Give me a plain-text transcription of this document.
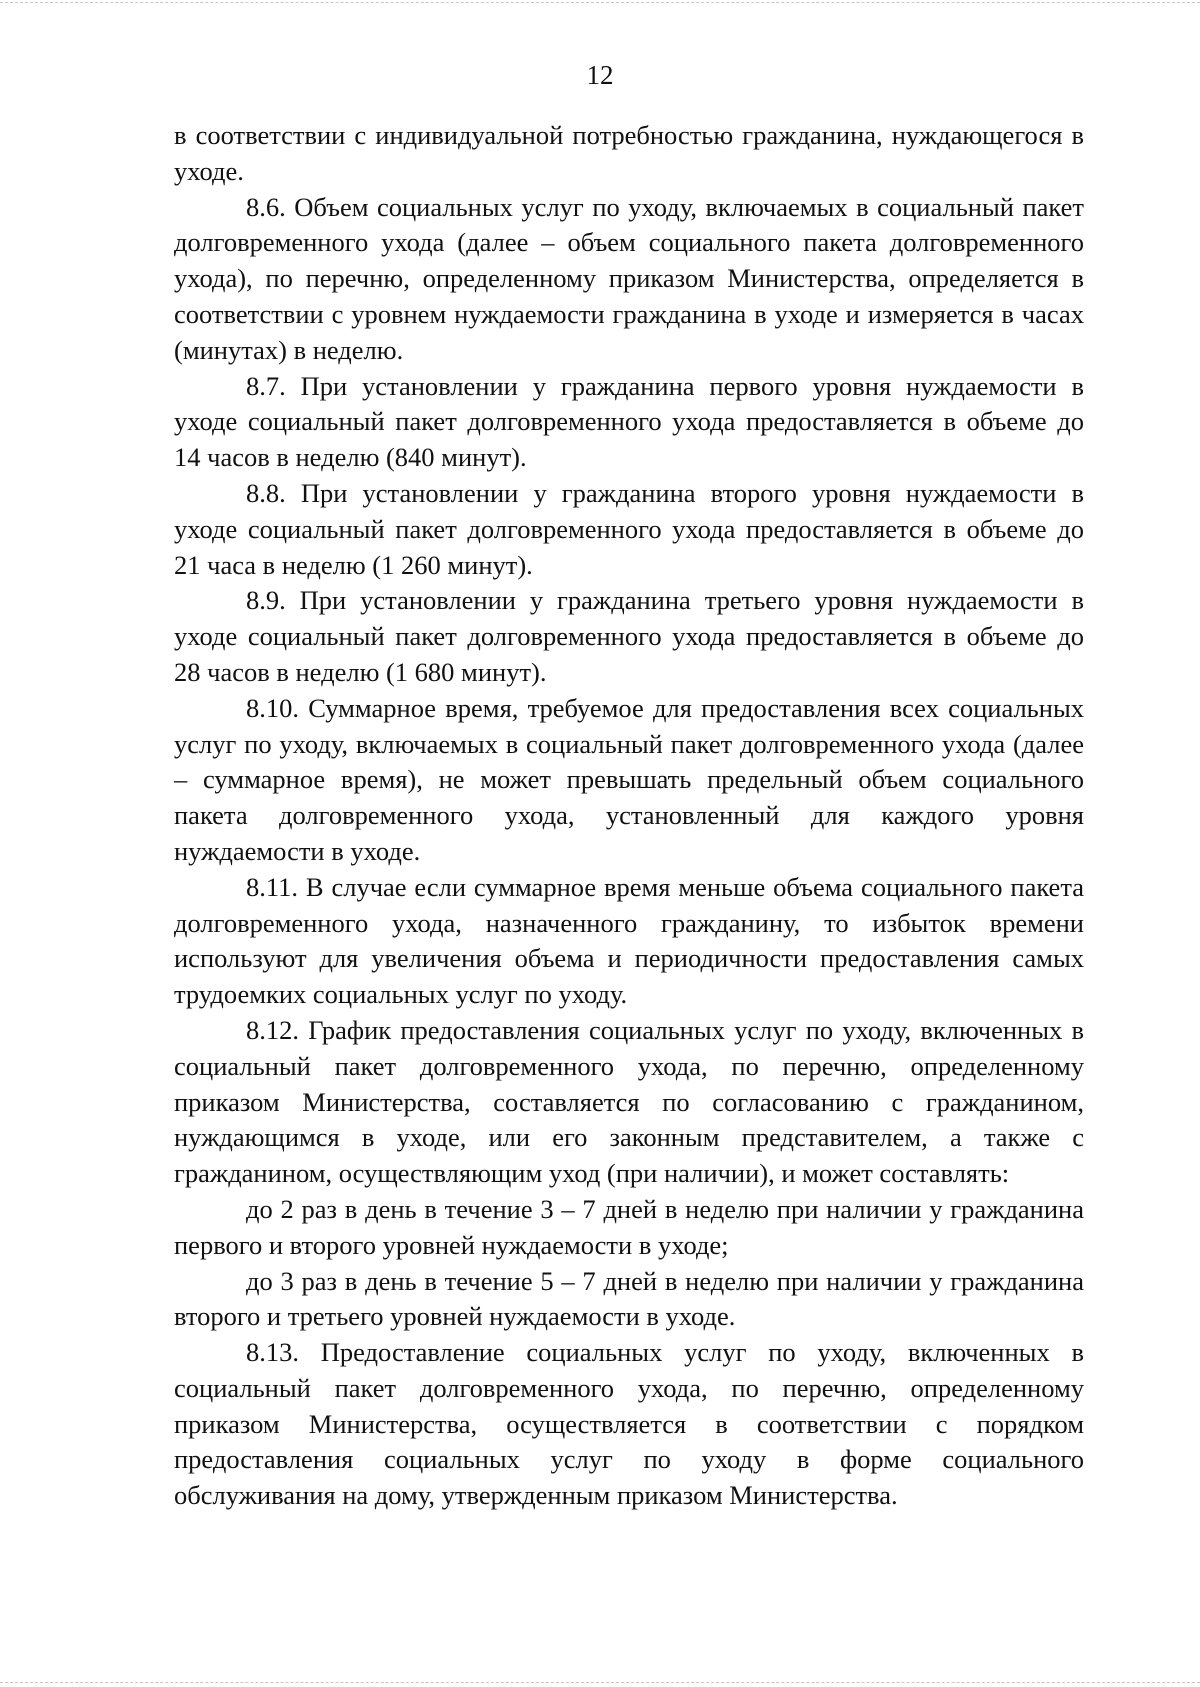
12

в соответствии с индивидуальной потребностью гражданина, нуждающегося в уходе.

8.6. Объем социальных услуг по уходу, включаемых в социальный пакет долговременного ухода (далее – объем социального пакета долговременного ухода), по перечню, определенному приказом Министерства, определяется в соответствии с уровнем нуждаемости гражданина в уходе и измеряется в часах (минутах) в неделю.

8.7. При установлении у гражданина первого уровня нуждаемости в уходе социальный пакет долговременного ухода предоставляется в объеме до 14 часов в неделю (840 минут).

8.8. При установлении у гражданина второго уровня нуждаемости в уходе социальный пакет долговременного ухода предоставляется в объеме до 21 часа в неделю (1 260 минут).

8.9. При установлении у гражданина третьего уровня нуждаемости в уходе социальный пакет долговременного ухода предоставляется в объеме до 28 часов в неделю (1 680 минут).

8.10. Суммарное время, требуемое для предоставления всех социальных услуг по уходу, включаемых в социальный пакет долговременного ухода (далее – суммарное время), не может превышать предельный объем социального пакета долговременного ухода, установленный для каждого уровня нуждаемости в уходе.

8.11. В случае если суммарное время меньше объема социального пакета долговременного ухода, назначенного гражданину, то избыток времени используют для увеличения объема и периодичности предоставления самых трудоемких социальных услуг по уходу.

8.12. График предоставления социальных услуг по уходу, включенных в социальный пакет долговременного ухода, по перечню, определенному приказом Министерства, составляется по согласованию с гражданином, нуждающимся в уходе, или его законным представителем, а также с гражданином, осуществляющим уход (при наличии), и может составлять:

до 2 раз в день в течение 3 – 7 дней в неделю при наличии у гражданина первого и второго уровней нуждаемости в уходе;

до 3 раз в день в течение 5 – 7 дней в неделю при наличии у гражданина второго и третьего уровней нуждаемости в уходе.

8.13. Предоставление социальных услуг по уходу, включенных в социальный пакет долговременного ухода, по перечню, определенному приказом Министерства, осуществляется в соответствии с порядком предоставления социальных услуг по уходу в форме социального обслуживания на дому, утвержденным приказом Министерства.
